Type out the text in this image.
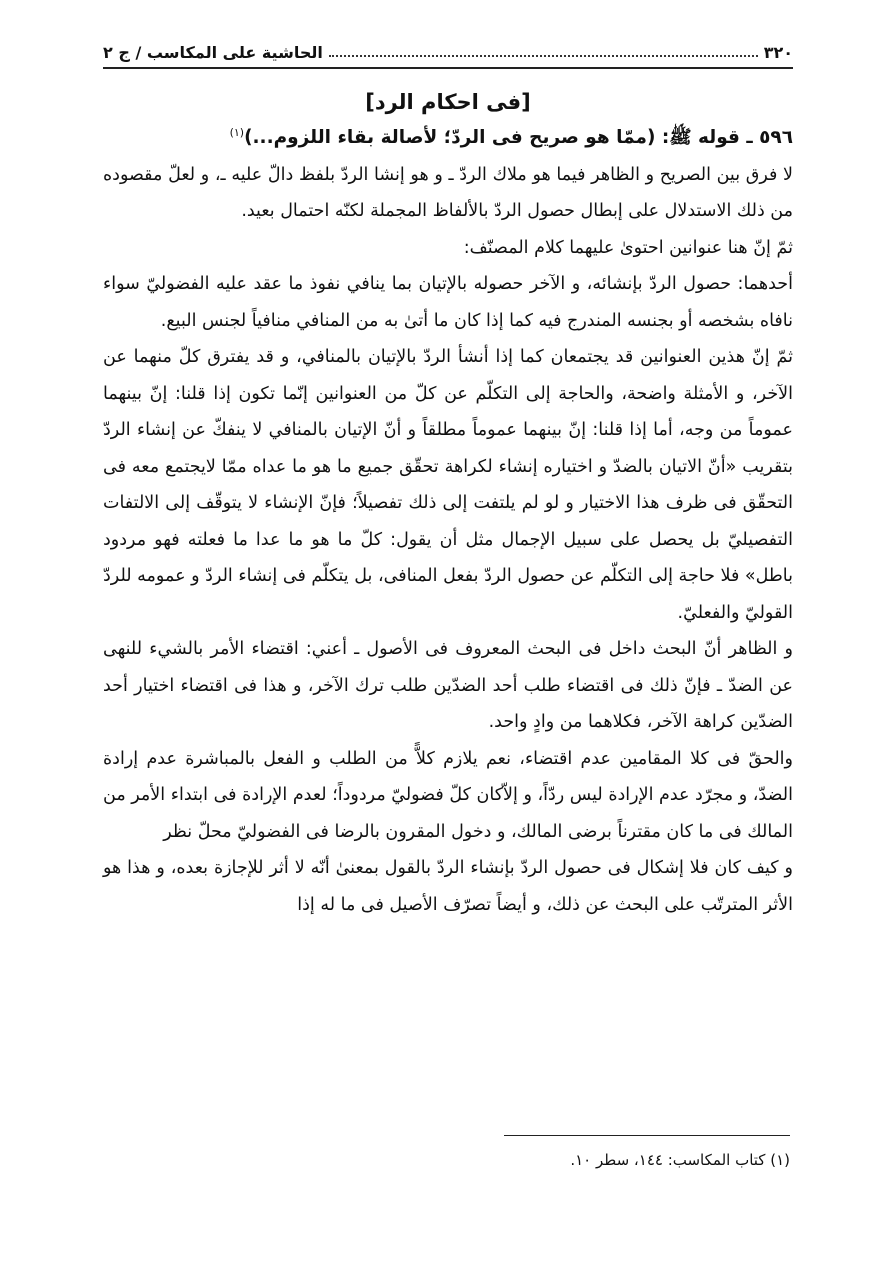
٣٢٠
الحاشية على المكاسب / ج ٢

[فى احكام الرد]

٥٩٦ ـ قوله ﷺ: (ممّا هو صريح فى الردّ؛ لأصالة بقاء اللزوم...)$^{(١)}$

لا فرق بين الصريح و الظاهر فيما هو ملاك الردّ ـ و هو إنشا الردّ بلفظ دالّ عليه ـ، و لعلّ مقصوده من ذلك الاستدلال على إبطال حصول الردّ بالألفاظ المجملة لكنّه احتمال بعيد.

ثمّ إنّ هنا عنوانين احتوىٰ عليهما كلام المصنّف:

أحدهما: حصول الردّ بإنشائه، و الآخر حصوله بالإتيان بما ينافي نفوذ ما عقد عليه الفضوليّ سواء نافاه بشخصه أو بجنسه المندرج فيه كما إذا كان ما أتىٰ به من المنافي منافياً لجنس البيع.

ثمّ إنّ هذين العنوانين قد يجتمعان كما إذا أنشأ الردّ بالإتيان بالمنافي، و قد يفترق كلّ منهما عن الآخر، و الأمثلة واضحة، والحاجة إلى التكلّم عن كلّ من العنوانين إنّما تكون إذا قلنا: إنّ بينهما عموماً من وجه، أما إذا قلنا: إنّ بينهما عموماً مطلقاً و أنّ الإتيان بالمنافي لا ينفكّ عن إنشاء الردّ بتقريب «أنّ الاتيان بالضدّ و اختياره إنشاء لكراهة تحقّق جميع ما هو ما عداه ممّا لايجتمع معه فى التحقّق فى ظرف هذا الاختيار و لو لم يلتفت إلى ذلك تفصيلاً؛ فإنّ الإنشاء لا يتوقّف إلى الالتفات التفصيليّ بل يحصل على سبيل الإجمال مثل أن يقول: كلّ ما هو ما عدا ما فعلته فهو مردود باطل» فلا حاجة إلى التكلّم عن حصول الردّ بفعل المنافى، بل يتكلّم فى إنشاء الردّ و عمومه للردّ القوليّ والفعليّ.

و الظاهر أنّ البحث داخل فى البحث المعروف فى الأصول ـ أعني: اقتضاء الأمر بالشيء للنهى عن الضدّ ـ فإنّ ذلك فى اقتضاء طلب أحد الضدّين طلب ترك الآخر، و هذا فى اقتضاء اختيار أحد الضدّين كراهة الآخر، فكلاهما من وادٍ واحد.

والحقّ فى كلا المقامين عدم اقتضاء، نعم يلازم كلاًّ من الطلب و الفعل بالمباشرة عدم إرادة الضدّ، و مجرّد عدم الإرادة ليس ردّاً، و إلاّكان كلّ فضوليّ مردوداً؛ لعدم الإرادة فى ابتداء الأمر من المالك فى ما كان مقترناً برضى المالك، و دخول المقرون بالرضا فى الفضوليّ محلّ نظر

و كيف كان فلا إشكال فى حصول الردّ بإنشاء الردّ بالقول بمعنىٰ أنّه لا أثر للإجازة بعده، و هذا هو الأثر المترتّب على البحث عن ذلك، و أيضاً تصرّف الأصيل فى ما له إذا

(١) كتاب المكاسب: ١٤٤، سطر ١٠.
